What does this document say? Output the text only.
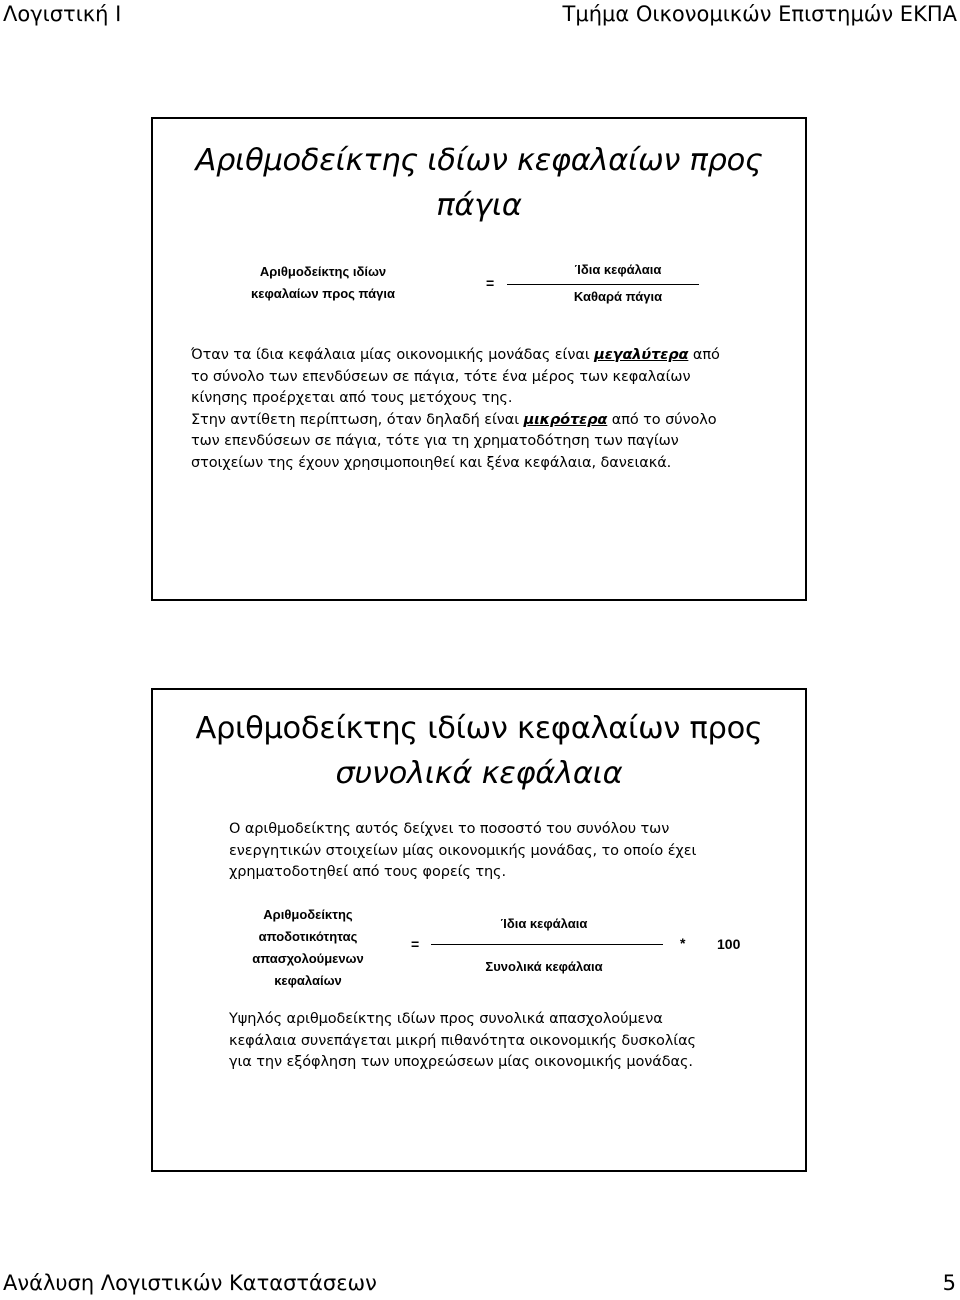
Λογιστική Ι	Τμήμα Οικονομικών Επιστημών ΕΚΠΑ
Αριθμοδείκτης ιδίων κεφαλαίων προς
πάγια
Αριθμοδείκτης ιδίων
κεφαλαίων προς πάγια
=
Ίδια κεφάλαια
Καθαρά πάγια
Όταν τα ίδια κεφάλαια μίας οικονομικής μονάδας είναι μεγαλύτερα από
το σύνολο των επενδύσεων σε πάγια, τότε ένα μέρος των κεφαλαίων
κίνησης προέρχεται από τους μετόχους της.
Στην αντίθετη περίπτωση, όταν δηλαδή είναι μικρότερα από το σύνολο
των επενδύσεων σε πάγια, τότε για τη χρηματοδότηση των παγίων
στοιχείων της έχουν χρησιμοποιηθεί και ξένα κεφάλαια, δανειακά.
Αριθμοδείκτης ιδίων κεφαλαίων προς
συνολικά κεφάλαια
Ο αριθμοδείκτης αυτός δείχνει το ποσοστό του συνόλου των
ενεργητικών στοιχείων μίας οικονομικής μονάδας, το οποίο έχει
χρηματοδοτηθεί από τους φορείς της.
Αριθμοδείκτης
αποδοτικότητας
απασχολούμενων
κεφαλαίων
=
Ίδια κεφάλαια
Συνολικά κεφάλαια
* 100
Υψηλός αριθμοδείκτης ιδίων προς συνολικά απασχολούμενα
κεφάλαια συνεπάγεται μικρή πιθανότητα οικονομικής δυσκολίας
για την εξόφληση των υποχρεώσεων μίας οικονομικής μονάδας.
Ανάλυση Λογιστικών Καταστάσεων	5
